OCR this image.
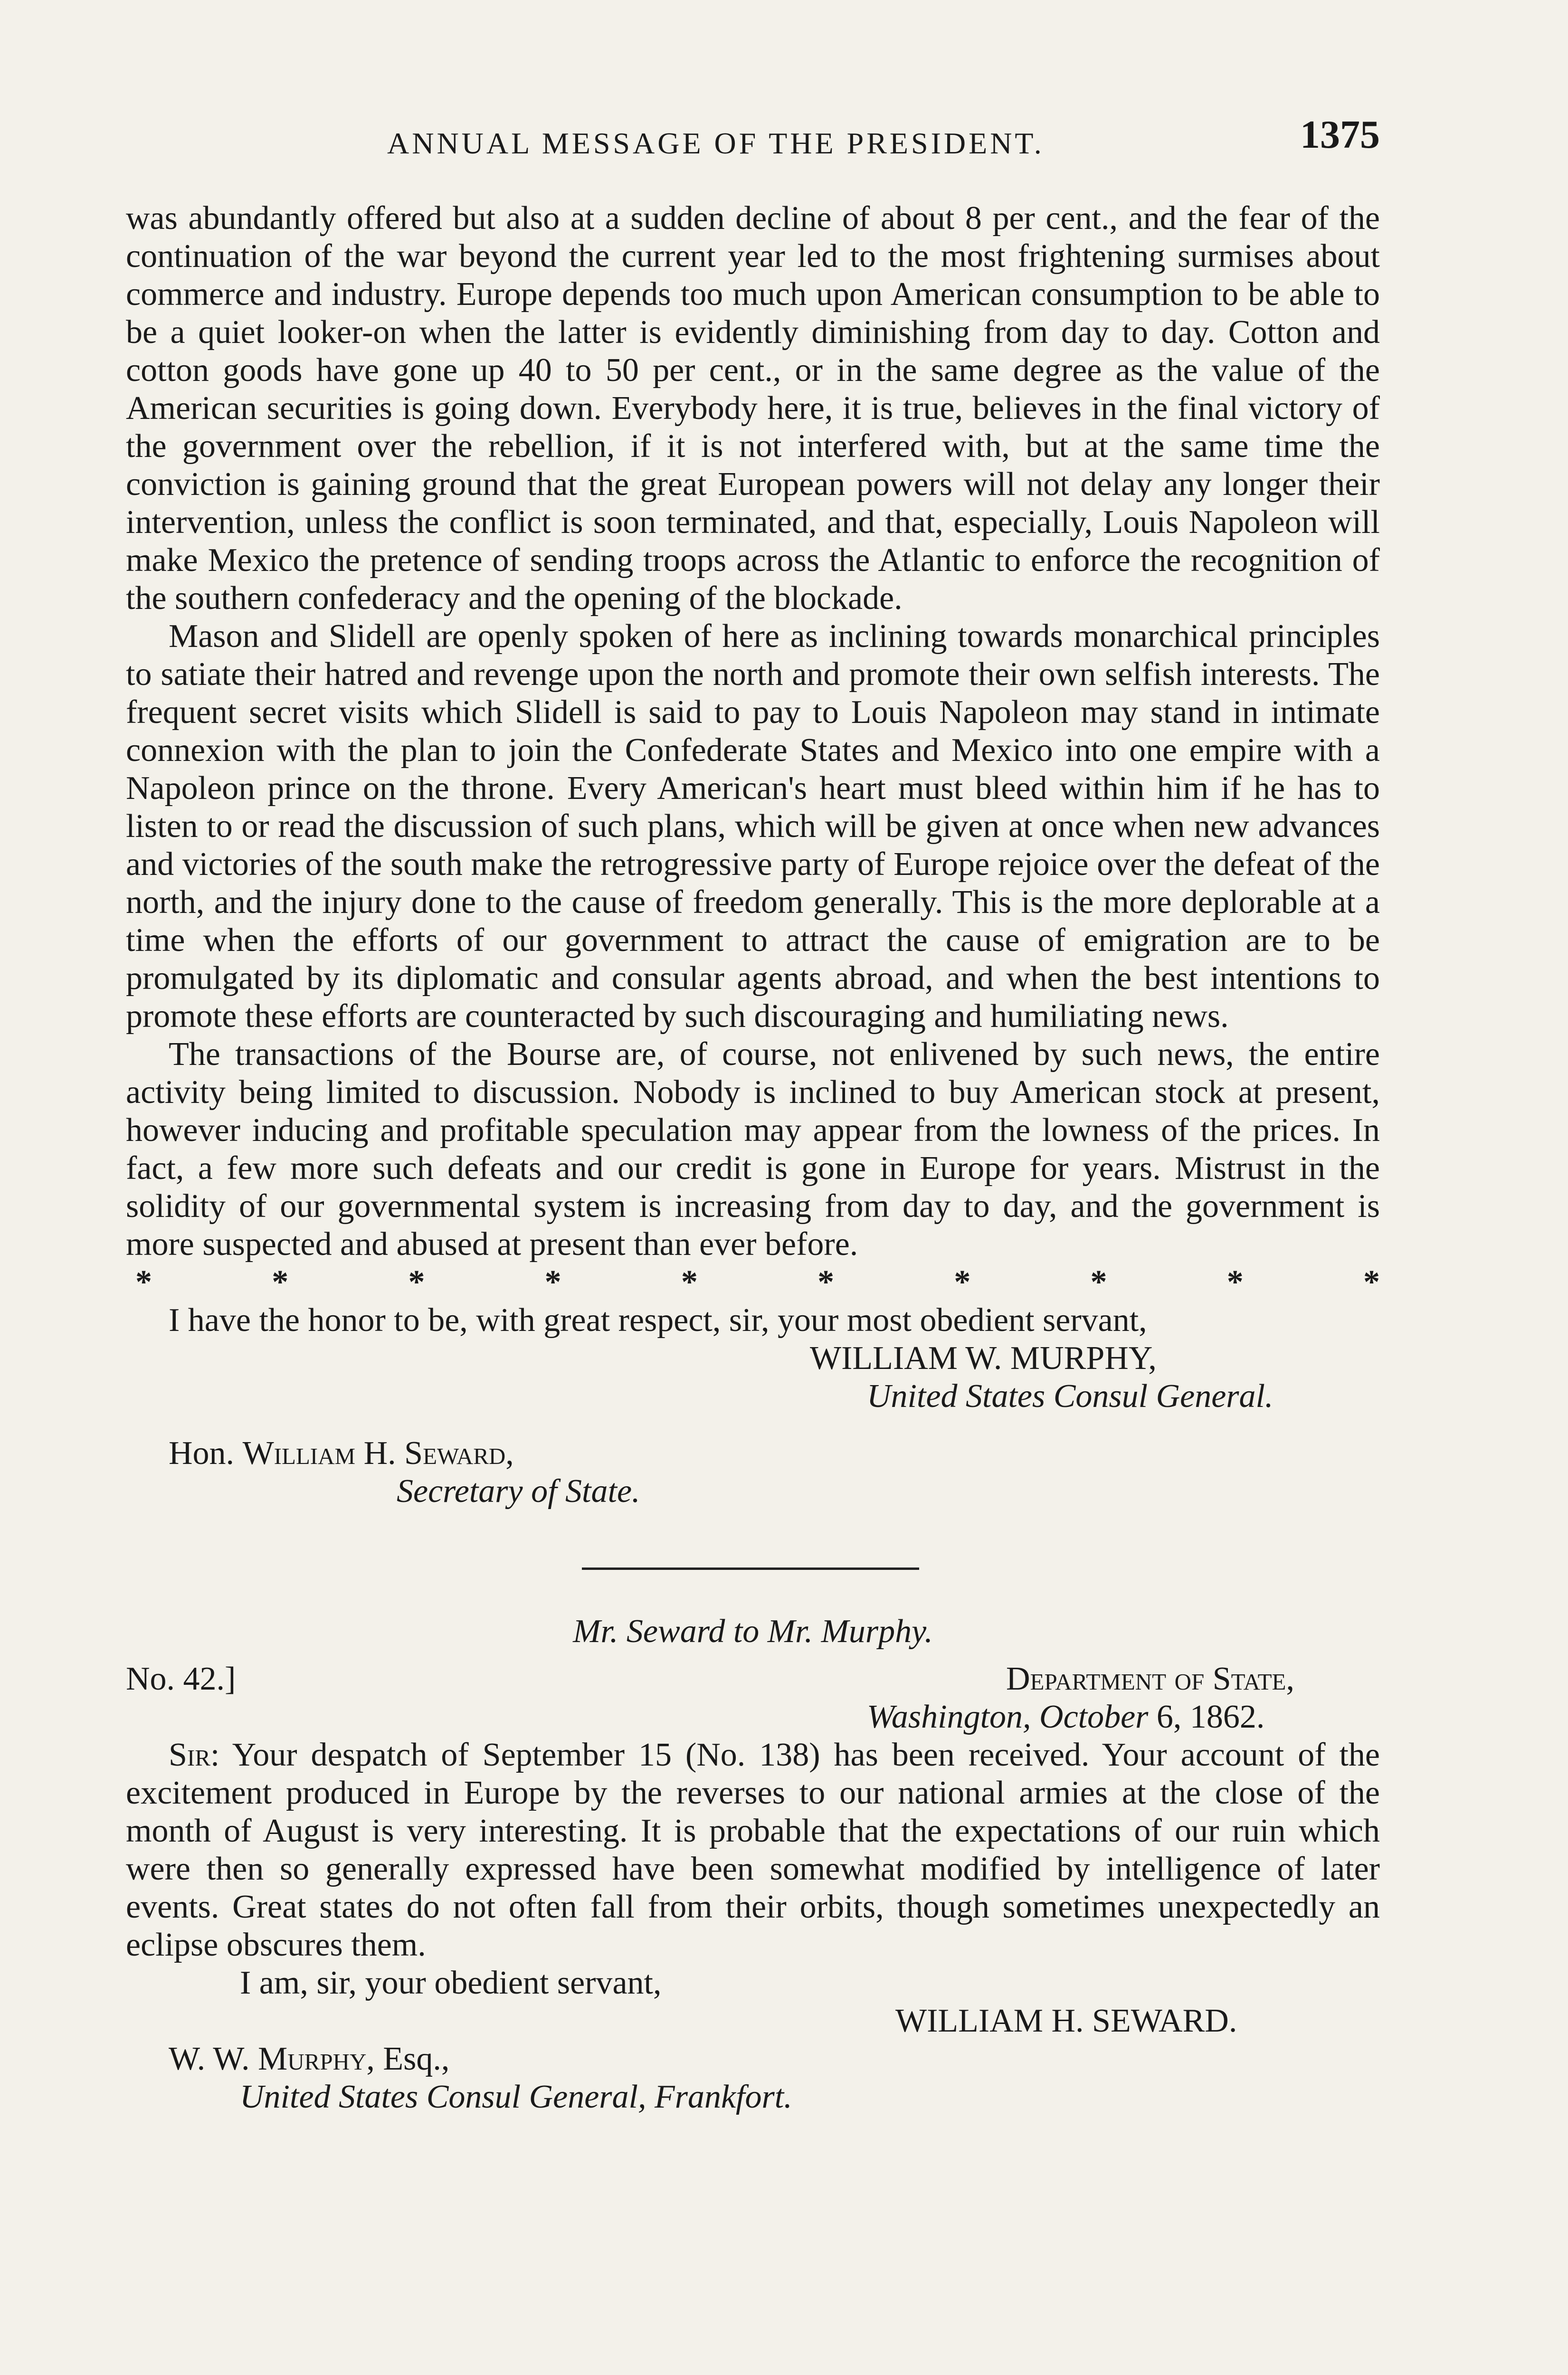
ANNUAL MESSAGE OF THE PRESIDENT.	1375

was abundantly offered but also at a sudden decline of about 8 per cent., and the fear of the continuation of the war beyond the current year led to the most frightening surmises about commerce and industry. Europe depends too much upon American consumption to be able to be a quiet looker-on when the latter is evidently diminishing from day to day. Cotton and cotton goods have gone up 40 to 50 per cent., or in the same degree as the value of the American securities is going down. Everybody here, it is true, believes in the final victory of the government over the rebellion, if it is not interfered with, but at the same time the conviction is gaining ground that the great European powers will not delay any longer their intervention, unless the conflict is soon terminated, and that, especially, Louis Napoleon will make Mexico the pretence of sending troops across the Atlantic to enforce the recognition of the southern confederacy and the opening of the blockade.

Mason and Slidell are openly spoken of here as inclining towards monarchical principles to satiate their hatred and revenge upon the north and promote their own selfish interests. The frequent secret visits which Slidell is said to pay to Louis Napoleon may stand in intimate connexion with the plan to join the Confederate States and Mexico into one empire with a Napoleon prince on the throne. Every American's heart must bleed within him if he has to listen to or read the discussion of such plans, which will be given at once when new advances and victories of the south make the retrogressive party of Europe rejoice over the defeat of the north, and the injury done to the cause of freedom generally. This is the more deplorable at a time when the efforts of our government to attract the cause of emigration are to be promulgated by its diplomatic and consular agents abroad, and when the best intentions to promote these efforts are counteracted by such discouraging and humiliating news.

The transactions of the Bourse are, of course, not enlivened by such news, the entire activity being limited to discussion. Nobody is inclined to buy American stock at present, however inducing and profitable speculation may appear from the lowness of the prices. In fact, a few more such defeats and our credit is gone in Europe for years. Mistrust in the solidity of our governmental system is increasing from day to day, and the government is more suspected and abused at present than ever before.

*	*	*	*	*	*	*	*	*	*
I have the honor to be, with great respect, sir, your most obedient servant,
WILLIAM W. MURPHY,
United States Consul General.
Hon. William H. Seward,
Secretary of State.
Mr. Seward to Mr. Murphy.
No. 42.]	Department of State,
Washington, October 6, 1862.

Sir: Your despatch of September 15 (No. 138) has been received. Your account of the excitement produced in Europe by the reverses to our national armies at the close of the month of August is very interesting. It is probable that the expectations of our ruin which were then so generally expressed have been somewhat modified by intelligence of later events. Great states do not often fall from their orbits, though sometimes unexpectedly an eclipse obscures them.

I am, sir, your obedient servant,
WILLIAM H. SEWARD.
W. W. Murphy, Esq.,
United States Consul General, Frankfort.
